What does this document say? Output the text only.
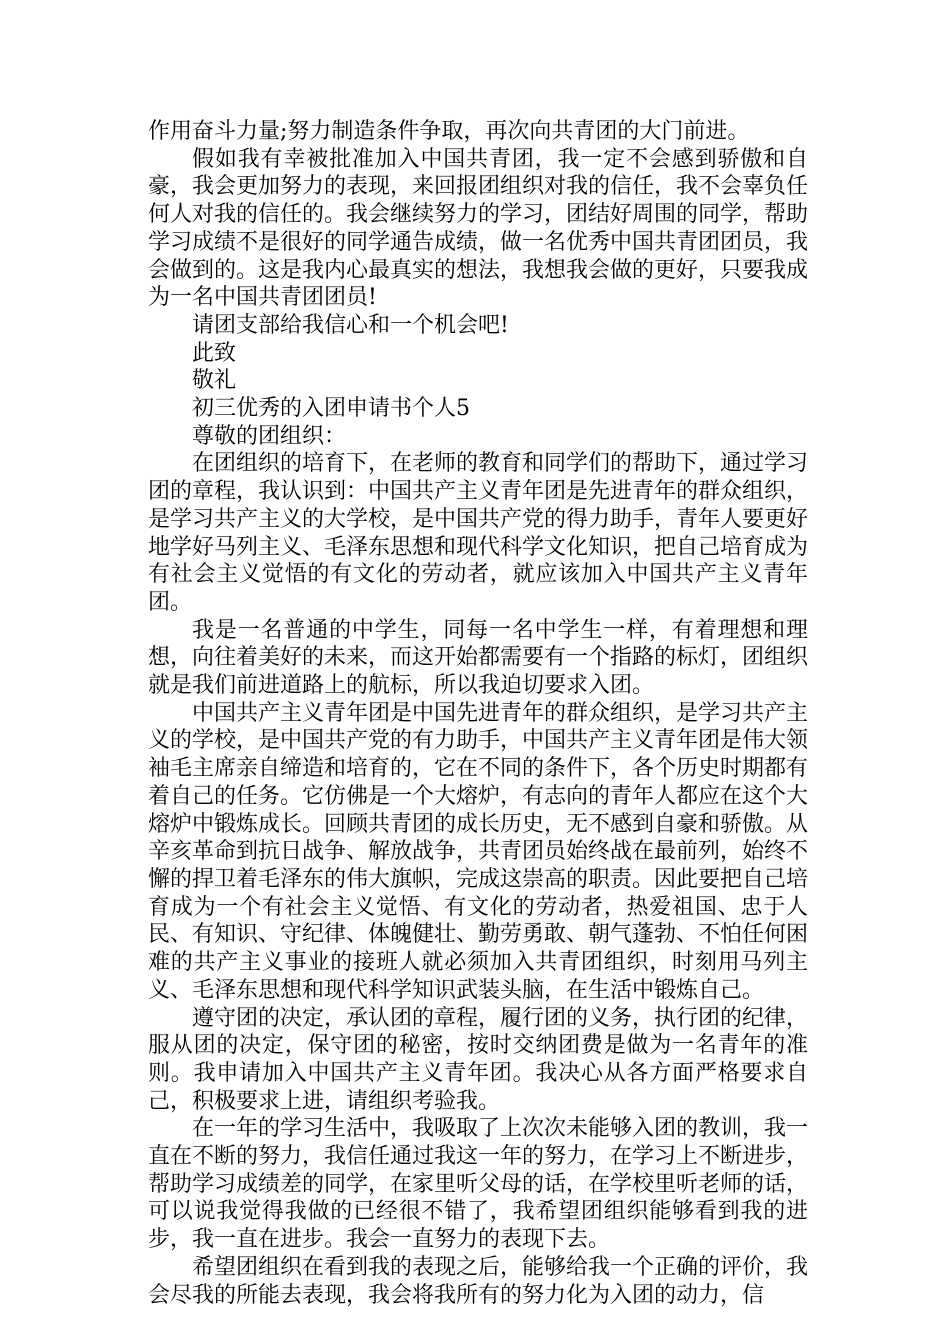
作用奋斗力量;努力制造条件争取，再次向共青团的大门前进。

假如我有幸被批准加入中国共青团，我一定不会感到骄傲和自豪，我会更加努力的表现，来回报团组织对我的信任，我不会辜负任何人对我的信任的。我会继续努力的学习，团结好周围的同学，帮助学习成绩不是很好的同学通告成绩，做一名优秀中国共青团团员，我会做到的。这是我内心最真实的想法，我想我会做的更好，只要我成为一名中国共青团团员!

请团支部给我信心和一个机会吧!

此致

敬礼

初三优秀的入团申请书个人5

尊敬的团组织：

在团组织的培育下，在老师的教育和同学们的帮助下，通过学习团的章程，我认识到：中国共产主义青年团是先进青年的群众组织，是学习共产主义的大学校，是中国共产党的得力助手，青年人要更好地学好马列主义、毛泽东思想和现代科学文化知识，把自己培育成为有社会主义觉悟的有文化的劳动者，就应该加入中国共产主义青年团。

我是一名普通的中学生，同每一名中学生一样，有着理想和理想，向往着美好的未来，而这开始都需要有一个指路的标灯，团组织就是我们前进道路上的航标，所以我迫切要求入团。

中国共产主义青年团是中国先进青年的群众组织，是学习共产主义的学校，是中国共产党的有力助手，中国共产主义青年团是伟大领袖毛主席亲自缔造和培育的，它在不同的条件下，各个历史时期都有着自己的任务。它仿佛是一个大熔炉，有志向的青年人都应在这个大熔炉中锻炼成长。回顾共青团的成长历史，无不感到自豪和骄傲。从辛亥革命到抗日战争、解放战争，共青团员始终战在最前列，始终不懈的捍卫着毛泽东的伟大旗帜，完成这崇高的职责。因此要把自己培育成为一个有社会主义觉悟、有文化的劳动者，热爱祖国、忠于人民、有知识、守纪律、体魄健壮、勤劳勇敢、朝气蓬勃、不怕任何困难的共产主义事业的接班人就必须加入共青团组织，时刻用马列主义、毛泽东思想和现代科学知识武装头脑，在生活中锻炼自己。

遵守团的决定，承认团的章程，履行团的义务，执行团的纪律，服从团的决定，保守团的秘密，按时交纳团费是做为一名青年的准则。我申请加入中国共产主义青年团。我决心从各方面严格要求自己，积极要求上进，请组织考验我。

在一年的学习生活中，我吸取了上次次未能够入团的教训，我一直在不断的努力，我信任通过我这一年的努力，在学习上不断进步，帮助学习成绩差的同学，在家里听父母的话，在学校里听老师的话，可以说我觉得我做的已经很不错了，我希望团组织能够看到我的进步，我一直在进步。我会一直努力的表现下去。

希望团组织在看到我的表现之后，能够给我一个正确的评价，我会尽我的所能去表现，我会将我所有的努力化为入团的动力，信
